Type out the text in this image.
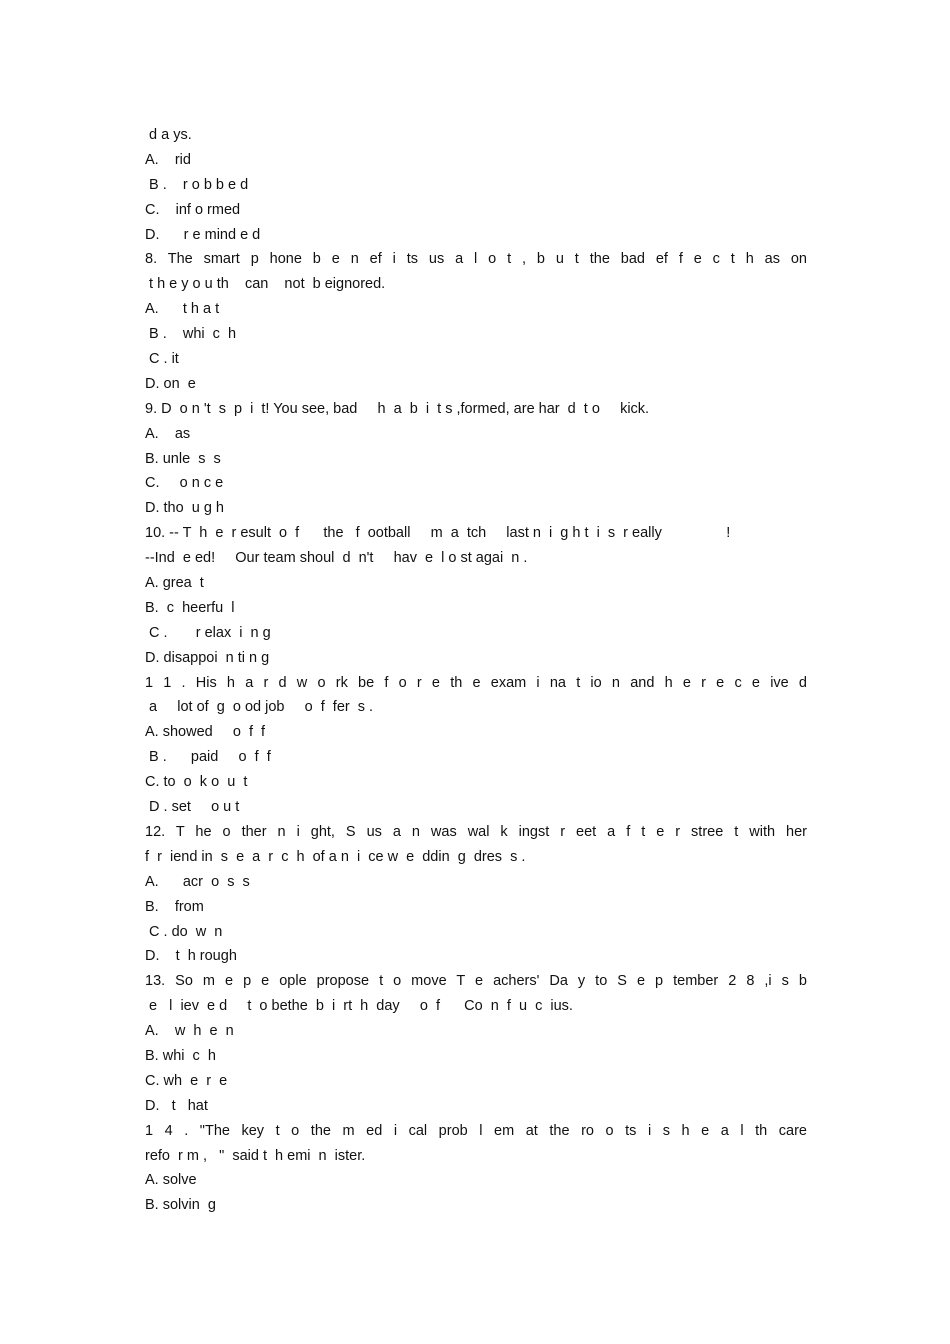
d a ys.
A.    rid
B .    r o b b e d
C.    inf o rmed
D.      r e mind e d
8. The smart p hone b e n ef i ts us a l o t , b u t the bad ef f e c t h as on
t h e y o u th    can    not  b eignored.
A.      t h a t
B .    whi  c  h
C . it
D. on  e
9. D  o n 't  s  p  i  t! You see, bad     h  a  b  i  t s ,formed, are har  d  t o     kick.
A.    as
B. unle  s  s
C.     o n c e
D. tho  u g h
10. -- T  h  e  r esult  o  f      the   f  ootball     m  a  tch     last n  i  g h t  i  s  r eally                !
--Ind  e ed!     Our team shoul  d  n't     hav  e  l o st agai  n .
A. grea  t
B.  c  heerfu  l
C .       r elax  i  n g
D. disappoi  n ti n g
1 1 . His h a r d w o rk be f o r e th e exam i na t io n and h e r e c e ive d
a     lot of  g  o od job     o  f  fer  s .
A. showed     o  f  f
B .      paid     o  f  f
C. to  o  k o  u  t
D . set     o u t
12. T he o ther n i ght, S us a n was wal k ingst r eet a f t e r stree t with her
f  r  iend in  s  e  a  r  c  h  of a n  i  ce w  e  ddin  g  dres  s .
A.      acr  o  s  s
B.    from
C . do  w  n
D.    t  h rough
13. So m e p e ople propose t o move T e achers' Da y to S e p tember 2 8 ,i s b
e   l  iev  e d     t  o bethe  b  i  rt  h  day     o  f      Co  n  f  u  c  ius.
A.    w  h  e  n
B. whi  c  h
C. wh  e  r  e
D.   t   hat
1 4 . "The key t o the m ed i cal prob l em at the ro o ts i s h e a l th care
refo  r m ,   "  said t  h emi  n  ister.
A. solve
B. solvin  g
